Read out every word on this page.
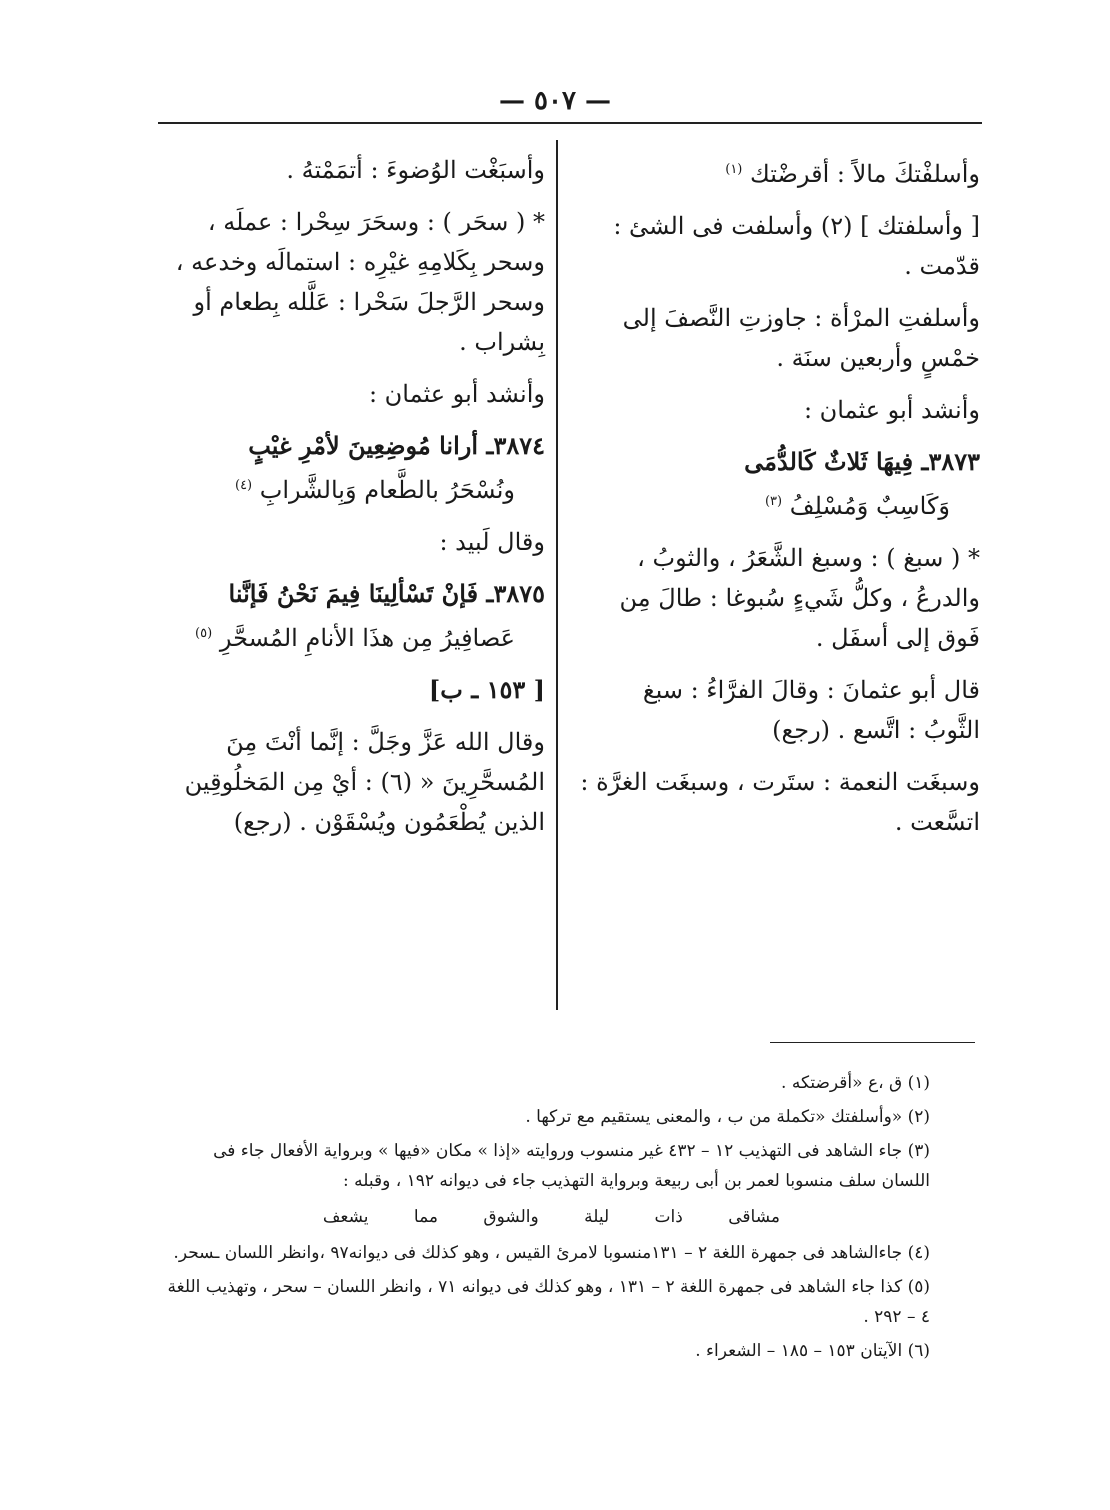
— ٥٠٧ —

وأسلفْتكَ مالاً : أقرضْتك $^{(١)}$

[ وأسلفتك ] (٢) وأسلفت فى الشئ : قدّمت .

وأسلفتِ المرْأة : جاوزتِ النَّصفَ إلى خمْسٍ وأربعين سنَة .

وأنشد أبو عثمان :

٣٨٧٣ـ فِيهَا ثَلاثٌ كَالدُّمَى
وَكَاسِبٌ وَمُسْلِفُ $^{(٣)}$

* ( سبغ ) : وسبغ الشَّعَرُ ، والثوبُ ، والدرعُ ، وكلُّ شَيءٍ سُبوغا : طالَ مِن فَوق إلى أسفَل .

قال أبو عثمانَ : وقالَ الفرَّاءُ : سبغ الثَّوبُ : اتَّسع . (رجع)

وسبغَت النعمة : ستَرت ، وسبغَت الغرَّة : اتسَّعت .

وأسبَغْت الوُضوءَ : أتمَمْتهُ .

* ( سحَر ) : وسحَرَ سِحْرا : عملَه ، وسحر بِكَلامِهِ غيْرِه : استمالَه وخدعه ، وسحر الرَّجلَ سَحْرا : عَلَّله بِطعام أو بِشراب .

وأنشد أبو عثمان :

٣٨٧٤ـ أرانا مُوضِعِينَ لأمْرِ غيْبٍ
ونُسْحَرُ بالطَّعام وَبِالشَّرابِ $^{(٤)}$

وقال لَبيد :

٣٨٧٥ـ فَإنْ تَسْألِينَا فِيمَ نَحْنُ فَإنَّنا
عَصافِيرُ مِن هذَا الأنامِ المُسحَّرِ $^{(٥)}$

[ ١٥٣ ـ ب]

وقال الله عَزَّ وجَلَّ : إنَّما أنْتَ مِنَ المُسحَّرِينَ « (٦) : أيْ مِن المَخلُوقِين الذين يُطْعَمُون ويُسْقَوْن . (رجع)

(١) ق ،ع «أقرضتكه .

(٢) «وأسلفتك «تكملة من ب ، والمعنى يستقيم مع تركها .

(٣) جاء الشاهد فى التهذيب ١٢ – ٤٣٢ غير منسوب وروايته «إذا » مكان «فيها » وبرواية الأفعال جاء فى اللسان سلف منسوبا لعمر بن أبى ربيعة وبرواية التهذيب جاء فى ديوانه ١٩٢ ، وقبله :

مشاقى ذات ليلة والشوق مما يشعف

(٤) جاءالشاهد فى جمهرة اللغة ٢ – ١٣١منسوبا لامرئ القيس ، وهو كذلك فى ديوانه٩٧ ،وانظر اللسان ـسحر.

(٥) كذا جاء الشاهد فى جمهرة اللغة ٢ – ١٣١ ، وهو كذلك فى ديوانه ٧١ ، وانظر اللسان – سحر ، وتهذيب اللغة ٤ – ٢٩٢ .

(٦) الآيتان ١٥٣ – ١٨٥ – الشعراء .
